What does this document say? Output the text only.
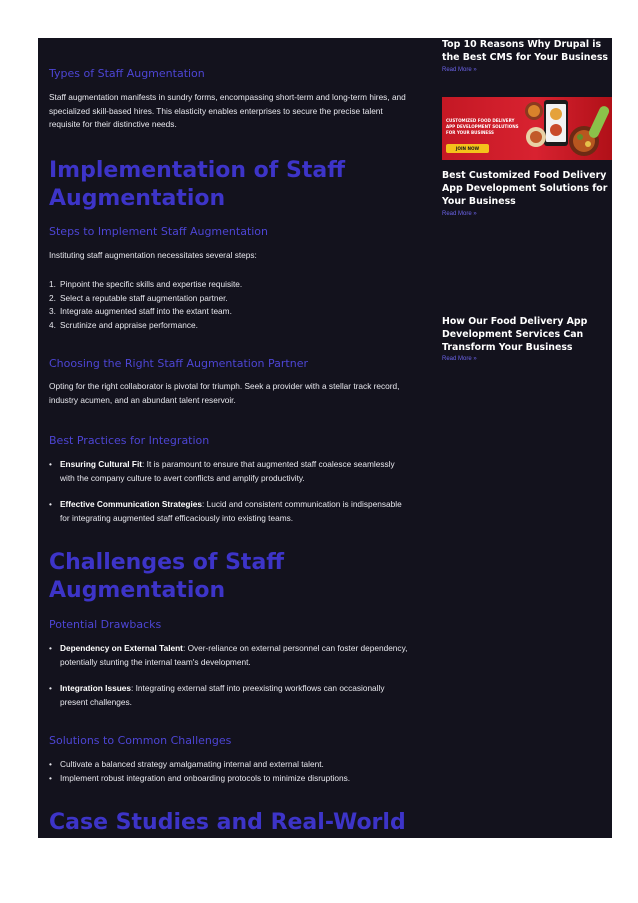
Types of Staff Augmentation

Staff augmentation manifests in sundry forms, encompassing short-term and long-term hires, and specialized skill-based hires. This elasticity enables enterprises to secure the precise talent requisite for their distinctive needs.

Implementation of Staff Augmentation
Steps to Implement Staff Augmentation

Instituting staff augmentation necessitates several steps:

1. Pinpoint the specific skills and expertise requisite.
2. Select a reputable staff augmentation partner.
3. Integrate augmented staff into the extant team.
4. Scrutinize and appraise performance.
Choosing the Right Staff Augmentation Partner

Opting for the right collaborator is pivotal for triumph. Seek a provider with a stellar track record, industry acumen, and an abundant talent reservoir.

Best Practices for Integration
• Ensuring Cultural Fit: It is paramount to ensure that augmented staff coalesce seamlessly with the company culture to avert conflicts and amplify productivity.
• Effective Communication Strategies: Lucid and consistent communication is indispensable for integrating augmented staff efficaciously into existing teams.
Challenges of Staff Augmentation
Potential Drawbacks
• Dependency on External Talent: Over-reliance on external personnel can foster dependency, potentially stunting the internal team's development.
• Integration Issues: Integrating external staff into preexisting workflows can occasionally present challenges.
Solutions to Common Challenges
• Cultivate a balanced strategy amalgamating internal and external talent.
• Implement robust integration and onboarding protocols to minimize disruptions.
Case Studies and Real-World
Top 10 Reasons Why Drupal is the Best CMS for Your Business
Read More »
CUSTOMIZED FOOD DELIVERY
APP DEVELOPMENT SOLUTIONS
FOR YOUR BUSINESS
JOIN NOW
Best Customized Food Delivery App Development Solutions for Your Business
Read More »
How Our Food Delivery App Development Services Can Transform Your Business
Read More »
